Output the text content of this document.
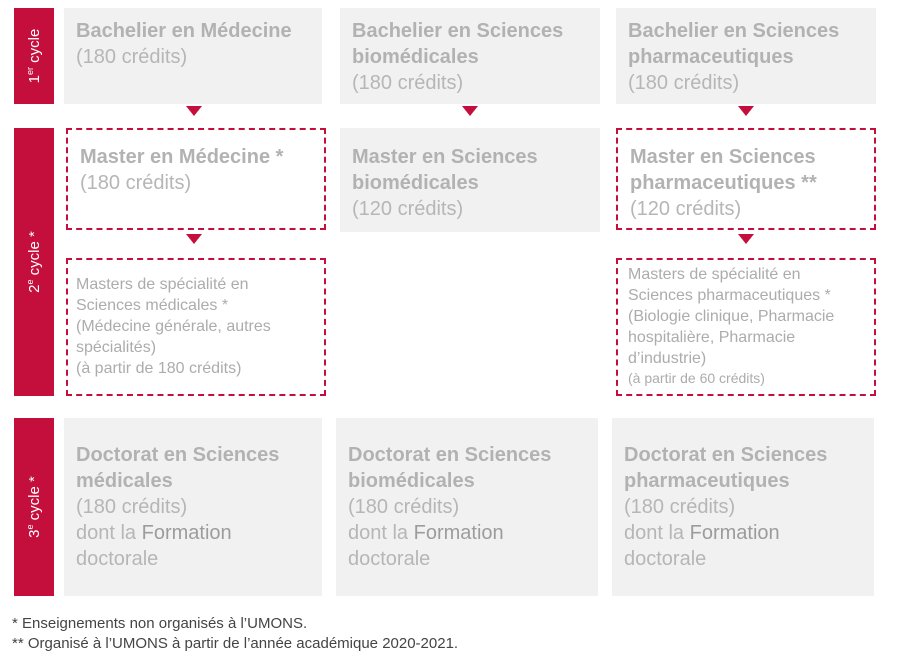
1er cycle
2e cycle *
3e cycle *
Bachelier en Médecine
(180 crédits)
Bachelier en Sciences biomédicales
(180 crédits)
Bachelier en Sciences pharmaceutiques
(180 crédits)
Master en Médecine *
(180 crédits)
Master en Sciences biomédicales
(120 crédits)
Master en Sciences pharmaceutiques **
(120 crédits)
Masters de spécialité en Sciences médicales *
(Médecine générale, autres spécialités)
(à partir de 180 crédits)
Masters de spécialité en Sciences pharmaceutiques *
(Biologie clinique, Pharmacie hospitalière, Pharmacie d’industrie)
(à partir de 60 crédits)
Doctorat en Sciences médicales
(180 crédits)
dont la Formation doctorale
Doctorat en Sciences biomédicales
(180 crédits)
dont la Formation doctorale
Doctorat en Sciences pharmaceutiques
(180 crédits)
dont la Formation doctorale
* Enseignements non organisés à l’UMONS.
** Organisé à l’UMONS à partir de l’année académique 2020-2021.
